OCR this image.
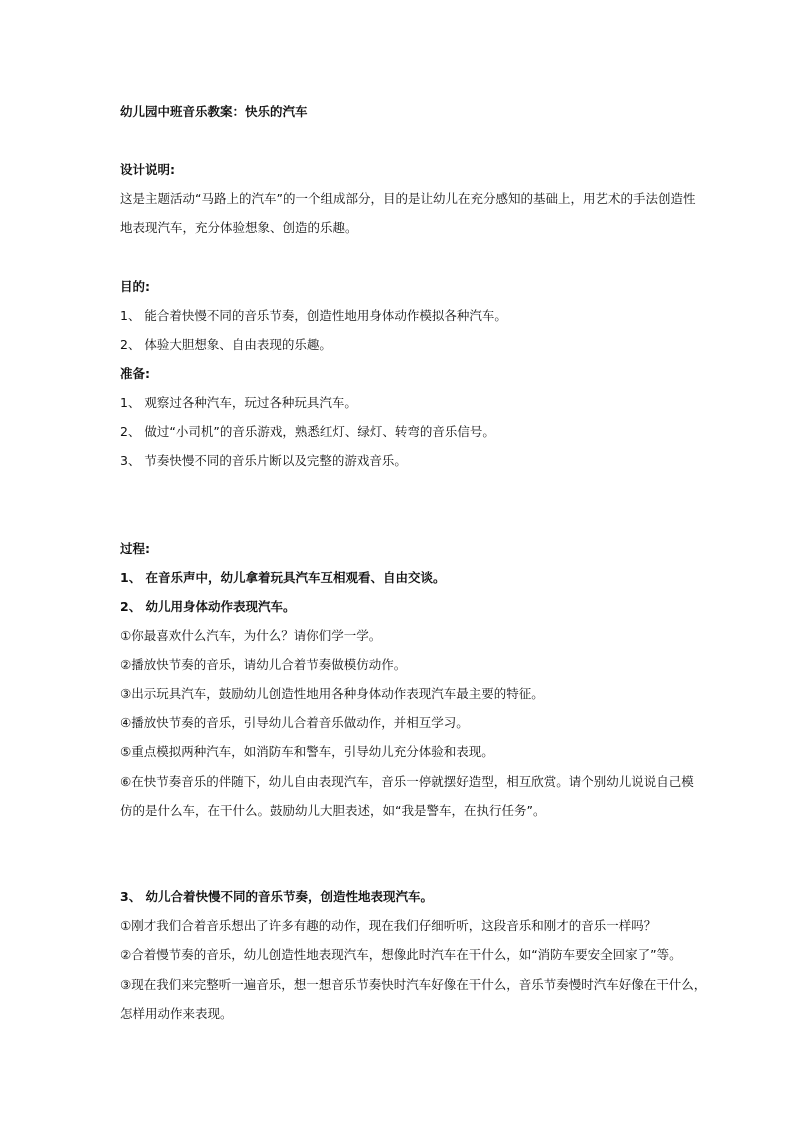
幼儿园中班音乐教案：快乐的汽车
设计说明:
这是主题活动“马路上的汽车”的一个组成部分，目的是让幼儿在充分感知的基础上，用艺术的手法创造性
地表现汽车，充分体验想象、创造的乐趣。
目的:
1、 能合着快慢不同的音乐节奏，创造性地用身体动作模拟各种汽车。
2、 体验大胆想象、自由表现的乐趣。
准备:
1、 观察过各种汽车，玩过各种玩具汽车。
2、 做过“小司机”的音乐游戏，熟悉红灯、绿灯、转弯的音乐信号。
3、 节奏快慢不同的音乐片断以及完整的游戏音乐。
过程:
1、 在音乐声中，幼儿拿着玩具汽车互相观看、自由交谈。
2、 幼儿用身体动作表现汽车。
①你最喜欢什么汽车，为什么？请你们学一学。
②播放快节奏的音乐，请幼儿合着节奏做模仿动作。
③出示玩具汽车，鼓励幼儿创造性地用各种身体动作表现汽车最主要的特征。
④播放快节奏的音乐，引导幼儿合着音乐做动作，并相互学习。
⑤重点模拟两种汽车，如消防车和警车，引导幼儿充分体验和表现。
⑥在快节奏音乐的伴随下，幼儿自由表现汽车，音乐一停就摆好造型，相互欣赏。请个别幼儿说说自己模
仿的是什么车，在干什么。鼓励幼儿大胆表述，如“我是警车，在执行任务”。
3、 幼儿合着快慢不同的音乐节奏，创造性地表现汽车。
①刚才我们合着音乐想出了许多有趣的动作，现在我们仔细听听，这段音乐和刚才的音乐一样吗？
②合着慢节奏的音乐，幼儿创造性地表现汽车，想像此时汽车在干什么，如“消防车要安全回家了”等。
③现在我们来完整听一遍音乐，想一想音乐节奏快时汽车好像在干什么，音乐节奏慢时汽车好像在干什么，
怎样用动作来表现。
